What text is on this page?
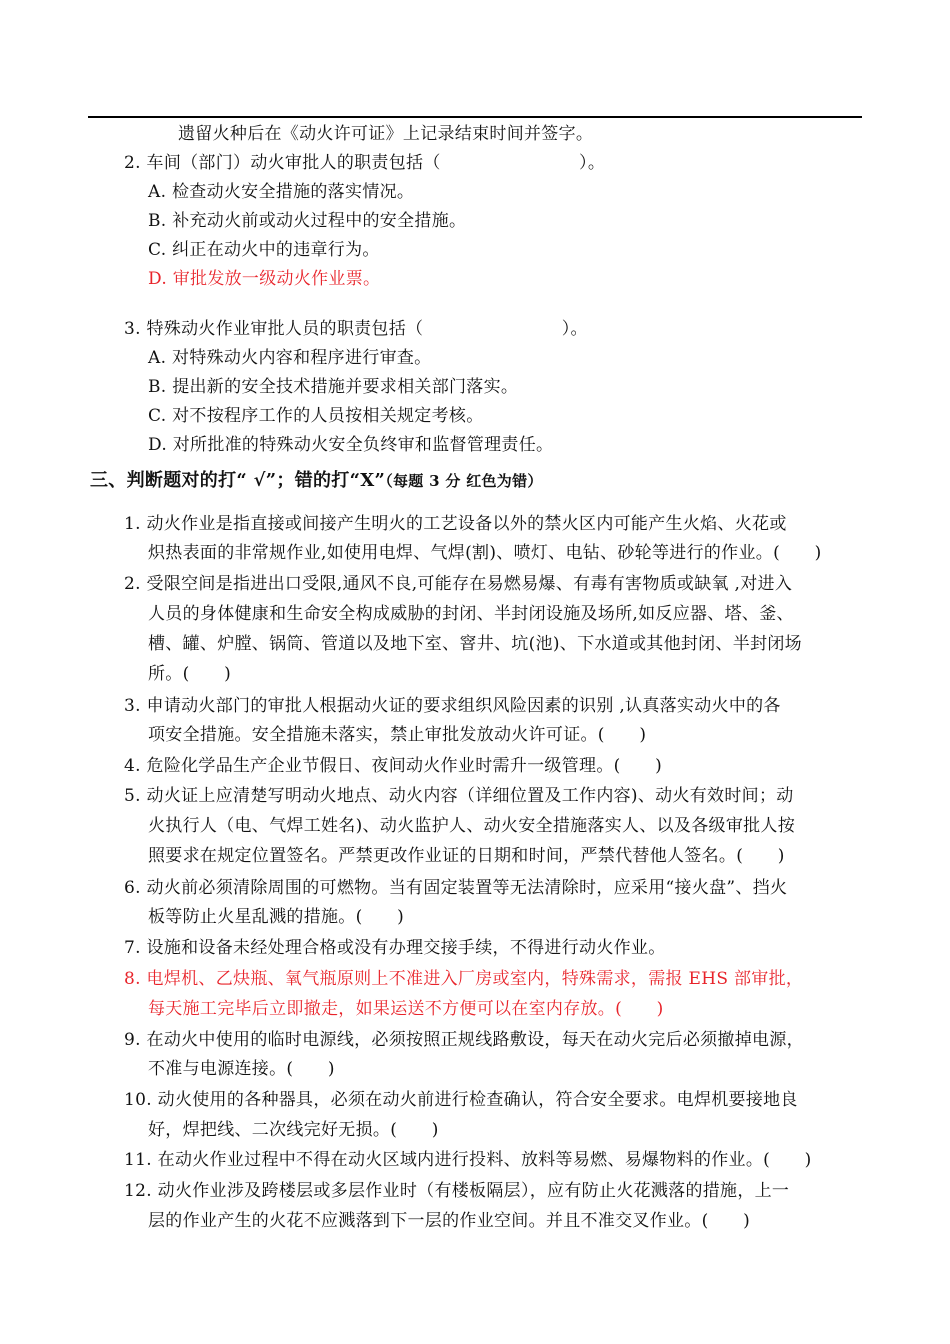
遗留火种后在《动火许可证》上记录结束时间并签字。
2. 车间（部门）动火审批人的职责包括（　　　　　　　　）。
A. 检查动火安全措施的落实情况。
B. 补充动火前或动火过程中的安全措施。
C. 纠正在动火中的违章行为。
D. 审批发放一级动火作业票。
3. 特殊动火作业审批人员的职责包括（　　　　　　　　）。
A. 对特殊动火内容和程序进行审查。
B. 提出新的安全技术措施并要求相关部门落实。
C. 对不按程序工作的人员按相关规定考核。
D. 对所批准的特殊动火安全负终审和监督管理责任。
三、判断题对的打“ √”；错的打“X”（每题 3 分 红色为错）
1. 动火作业是指直接或间接产生明火的工艺设备以外的禁火区内可能产生火焰、火花或
炽热表面的非常规作业,如使用电焊、气焊(割)、喷灯、电钻、砂轮等进行的作业。(　　)
2. 受限空间是指进出口受限,通风不良,可能存在易燃易爆、有毒有害物质或缺氧 ,对进入
人员的身体健康和生命安全构成威胁的封闭、半封闭设施及场所,如反应器、塔、釜、
槽、罐、炉膛、锅筒、管道以及地下室、窨井、坑(池)、下水道或其他封闭、半封闭场
所。(　　)
3. 申请动火部门的审批人根据动火证的要求组织风险因素的识别 ,认真落实动火中的各
项安全措施。安全措施未落实，禁止审批发放动火许可证。(　　)
4. 危险化学品生产企业节假日、夜间动火作业时需升一级管理。(　　)
5. 动火证上应清楚写明动火地点、动火内容（详细位置及工作内容)、动火有效时间；动
火执行人（电、气焊工姓名)、动火监护人、动火安全措施落实人、以及各级审批人按
照要求在规定位置签名。严禁更改作业证的日期和时间，严禁代替他人签名。(　　)
6. 动火前必须清除周围的可燃物。当有固定装置等无法清除时，应采用“接火盘”、挡火
板等防止火星乱溅的措施。(　　)
7. 设施和设备未经处理合格或没有办理交接手续，不得进行动火作业。
8. 电焊机、乙炔瓶、氧气瓶原则上不准进入厂房或室内，特殊需求，需报 EHS 部审批，
每天施工完毕后立即撤走，如果运送不方便可以在室内存放。(　　)
9. 在动火中使用的临时电源线，必须按照正规线路敷设，每天在动火完后必须撤掉电源，
不准与电源连接。(　　)
10. 动火使用的各种器具，必须在动火前进行检查确认，符合安全要求。电焊机要接地良
好，焊把线、二次线完好无损。(　　)
11. 在动火作业过程中不得在动火区域内进行投料、放料等易燃、易爆物料的作业。(　　)
12. 动火作业涉及跨楼层或多层作业时（有楼板隔层），应有防止火花溅落的措施，上一
层的作业产生的火花不应溅落到下一层的作业空间。并且不准交叉作业。(　　)
